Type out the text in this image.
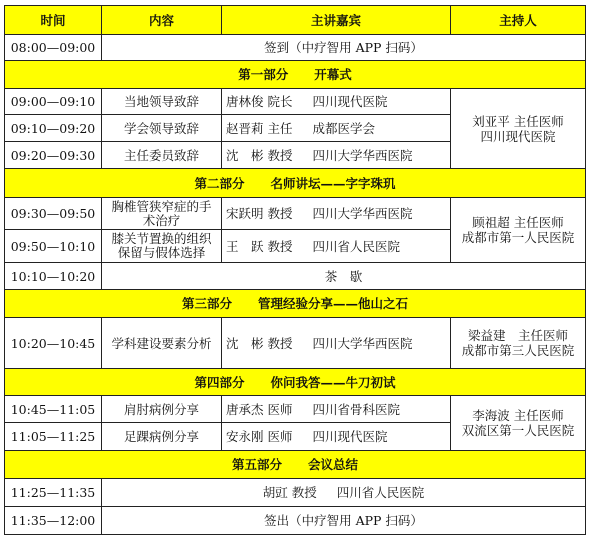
时间	内容	主讲嘉宾	主持人
08:00—09:00	签到（中疗智用 APP 扫码）		
第一部分 开幕式			
09:00—09:10	当地领导致辞	唐林俊 院长 四川现代医院	刘亚平 主任医师
四川现代医院

09:10—09:20	学会领导致辞	赵晋莉 主任 成都医学会	
09:20—09:30	主任委员致辞	沈　彬 教授 四川大学华西医院	
第二部分 名师讲坛——字字珠玑			
09:30—09:50	胸椎管狭窄症的手术治疗	宋跃明 教授 四川大学华西医院	顾祖超 主任医师
成都市第一人民医院

09:50—10:10	膝关节置换的组织保留与假体选择	王　跃 教授 四川省人民医院	
10:10—10:20	茶　歇		
第三部分 管理经验分享——他山之石			
10:20—10:45	学科建设要素分析	沈　彬 教授 四川大学华西医院	梁益建　主任医师
成都市第三人民医院

第四部分 你问我答——牛刀初试			
10:45—11:05	肩肘病例分享	唐承杰 医师 四川省骨科医院	李海波 主任医师
双流区第一人民医院

11:05—11:25	足踝病例分享	安永刚 医师 四川现代医院	
第五部分 会议总结			
11:25—11:35	胡豇 教授 四川省人民医院		
11:35—12:00	签出（中疗智用 APP 扫码）		
